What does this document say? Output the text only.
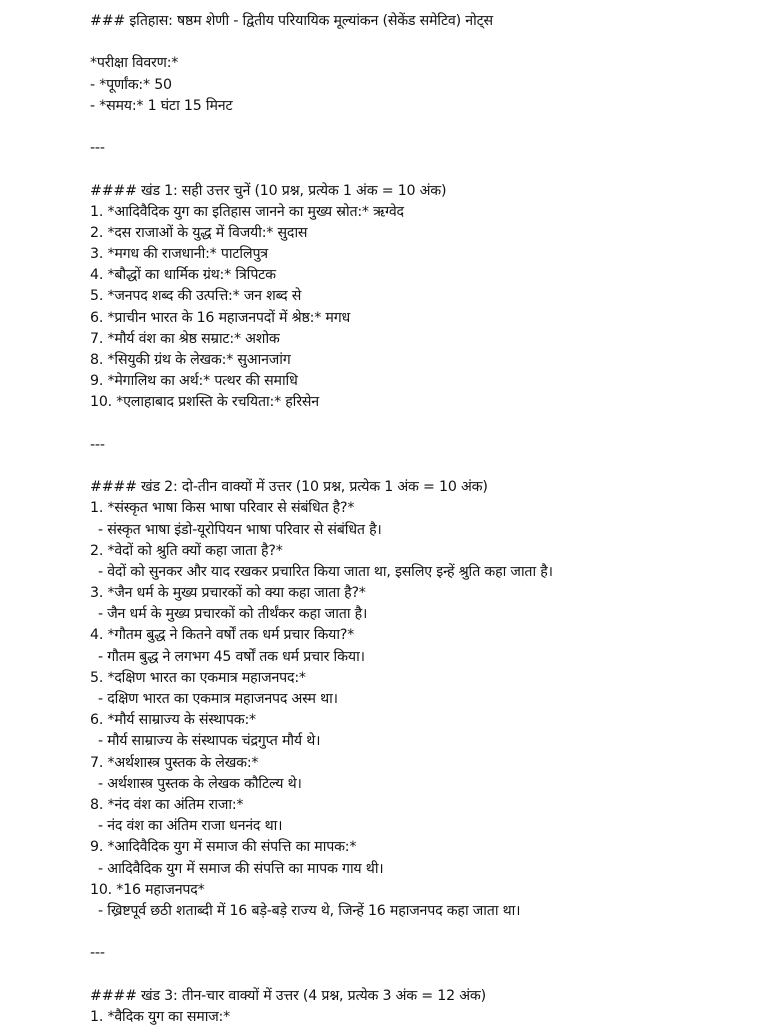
### इतिहास: षष्ठम शेणी - द्वितीय परियायिक मूल्यांकन (सेकेंड समेटिव) नोट्स
*परीक्षा विवरण:*
- *पूर्णांक:* 50
- *समय:* 1 घंटा 15 मिनट
---
#### खंड 1: सही उत्तर चुनें (10 प्रश्न, प्रत्येक 1 अंक = 10 अंक)
1. *आदिवैदिक युग का इतिहास जानने का मुख्य स्रोत:* ऋग्वेद
2. *दस राजाओं के युद्ध में विजयी:* सुदास
3. *मगध की राजधानी:* पाटलिपुत्र
4. *बौद्धों का धार्मिक ग्रंथ:* त्रिपिटक
5. *जनपद शब्द की उत्पत्ति:* जन शब्द से
6. *प्राचीन भारत के 16 महाजनपदों में श्रेष्ठ:* मगध
7. *मौर्य वंश का श्रेष्ठ सम्राट:* अशोक
8. *सियुकी ग्रंथ के लेखक:* सुआनजांग
9. *मेगालिथ का अर्थ:* पत्थर की समाधि
10. *एलाहाबाद प्रशस्ति के रचयिता:* हरिसेन
---
#### खंड 2: दो-तीन वाक्यों में उत्तर (10 प्रश्न, प्रत्येक 1 अंक = 10 अंक)
1. *संस्कृत भाषा किस भाषा परिवार से संबंधित है?*
- संस्कृत भाषा इंडो-यूरोपियन भाषा परिवार से संबंधित है।
2. *वेदों को श्रुति क्यों कहा जाता है?*
- वेदों को सुनकर और याद रखकर प्रचारित किया जाता था, इसलिए इन्हें श्रुति कहा जाता है।
3. *जैन धर्म के मुख्य प्रचारकों को क्या कहा जाता है?*
- जैन धर्म के मुख्य प्रचारकों को तीर्थंकर कहा जाता है।
4. *गौतम बुद्ध ने कितने वर्षों तक धर्म प्रचार किया?*
- गौतम बुद्ध ने लगभग 45 वर्षों तक धर्म प्रचार किया।
5. *दक्षिण भारत का एकमात्र महाजनपद:*
- दक्षिण भारत का एकमात्र महाजनपद अस्म था।
6. *मौर्य साम्राज्य के संस्थापक:*
- मौर्य साम्राज्य के संस्थापक चंद्रगुप्त मौर्य थे।
7. *अर्थशास्त्र पुस्तक के लेखक:*
- अर्थशास्त्र पुस्तक के लेखक कौटिल्य थे।
8. *नंद वंश का अंतिम राजा:*
- नंद वंश का अंतिम राजा धननंद था।
9. *आदिवैदिक युग में समाज की संपत्ति का मापक:*
- आदिवैदिक युग में समाज की संपत्ति का मापक गाय थी।
10. *16 महाजनपद*
- ख्रिष्टपूर्व छठी शताब्दी में 16 बड़े-बड़े राज्य थे, जिन्हें 16 महाजनपद कहा जाता था।
---
#### खंड 3: तीन-चार वाक्यों में उत्तर (4 प्रश्न, प्रत्येक 3 अंक = 12 अंक)
1. *वैदिक युग का समाज:*
